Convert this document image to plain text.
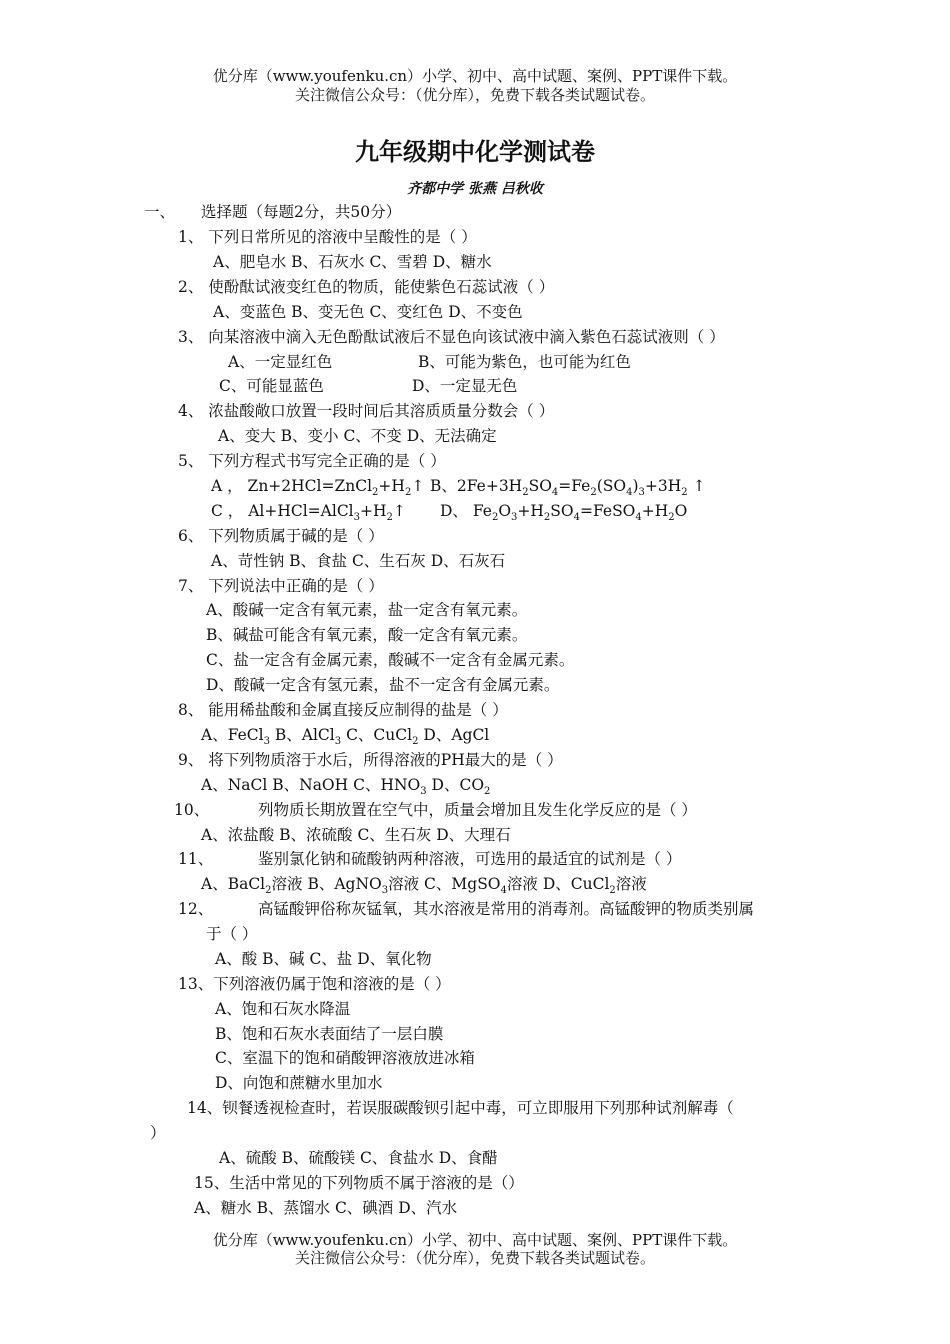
优分库（www.youfenku.cn）小学、初中、高中试题、案例、PPT课件下载。
关注微信公众号：（优分库），免费下载各类试题试卷。
九年级期中化学测试卷
齐都中学 张燕 吕秋收
一、 选择题（每题2分，共50分）
1、 下列日常所见的溶液中呈酸性的是（ ）
A、肥皂水 B、石灰水 C、雪碧 D、糖水
2、 使酚酞试液变红色的物质，能使紫色石蕊试液（ ）
A、变蓝色 B、变无色 C、变红色 D、不变色
3、 向某溶液中滴入无色酚酞试液后不显色向该试液中滴入紫色石蕊试液则（ ）
A、一定显红色	B、可能为紫色，也可能为红色
C、可能显蓝色	D、一定显无色
4、 浓盐酸敞口放置一段时间后其溶质质量分数会（ ）
A、变大 B、变小 C、不变 D、无法确定
5、 下列方程式书写完全正确的是（ ）
A ， $Zn+2HCl=ZnCl_2+H_2↑$ B、$2Fe+3H_2SO_4=Fe_2(SO_4)_3+3H_2$ ↑
C ， $Al+HCl=AlCl_3+H_2↑$ D、 $Fe_2O_3+H_2SO_4=FeSO_4+H_2O$
6、 下列物质属于碱的是（ ）
A、苛性钠 B、食盐 C、生石灰 D、石灰石
7、 下列说法中正确的是（ ）
A、酸碱一定含有氧元素，盐一定含有氧元素。
B、碱盐可能含有氧元素，酸一定含有氧元素。
C、盐一定含有金属元素，酸碱不一定含有金属元素。
D、酸碱一定含有氢元素，盐不一定含有金属元素。
8、 能用稀盐酸和金属直接反应制得的盐是（ ）
A、FeCl$_3$ B、AlCl$_3$ C、CuCl$_2$ D、AgCl
9、 将下列物质溶于水后，所得溶液的PH最大的是（ ）
A、NaCl B、NaOH C、$HNO_3$ D、$CO_2$
10、	列物质长期放置在空气中，质量会增加且发生化学反应的是（ ）
A、浓盐酸 B、浓硫酸 C、生石灰 D、大理石
11、	鉴别氯化钠和硫酸钠两种溶液，可选用的最适宜的试剂是（ ）
A、BaCl$_2$溶液 B、AgNO$_3$溶液 C、MgSO$_4$溶液 D、CuCl$_2$溶液
12、	高锰酸钾俗称灰锰氧，其水溶液是常用的消毒剂。高锰酸钾的物质类别属
于（ ）
A、酸 B、碱 C、盐 D、氧化物
13、下列溶液仍属于饱和溶液的是（ ）
A、饱和石灰水降温
B、饱和石灰水表面结了一层白膜
C、室温下的饱和硝酸钾溶液放进冰箱
D、向饱和蔗糖水里加水
14、钡餐透视检查时，若误服碳酸钡引起中毒，可立即服用下列那种试剂解毒（
）
A、硫酸 B、硫酸镁 C、食盐水 D、食醋
15、生活中常见的下列物质不属于溶液的是（）
A、糖水 B、蒸馏水 C、碘酒 D、汽水
优分库（www.youfenku.cn）小学、初中、高中试题、案例、PPT课件下载。
关注微信公众号：（优分库），免费下载各类试题试卷。
